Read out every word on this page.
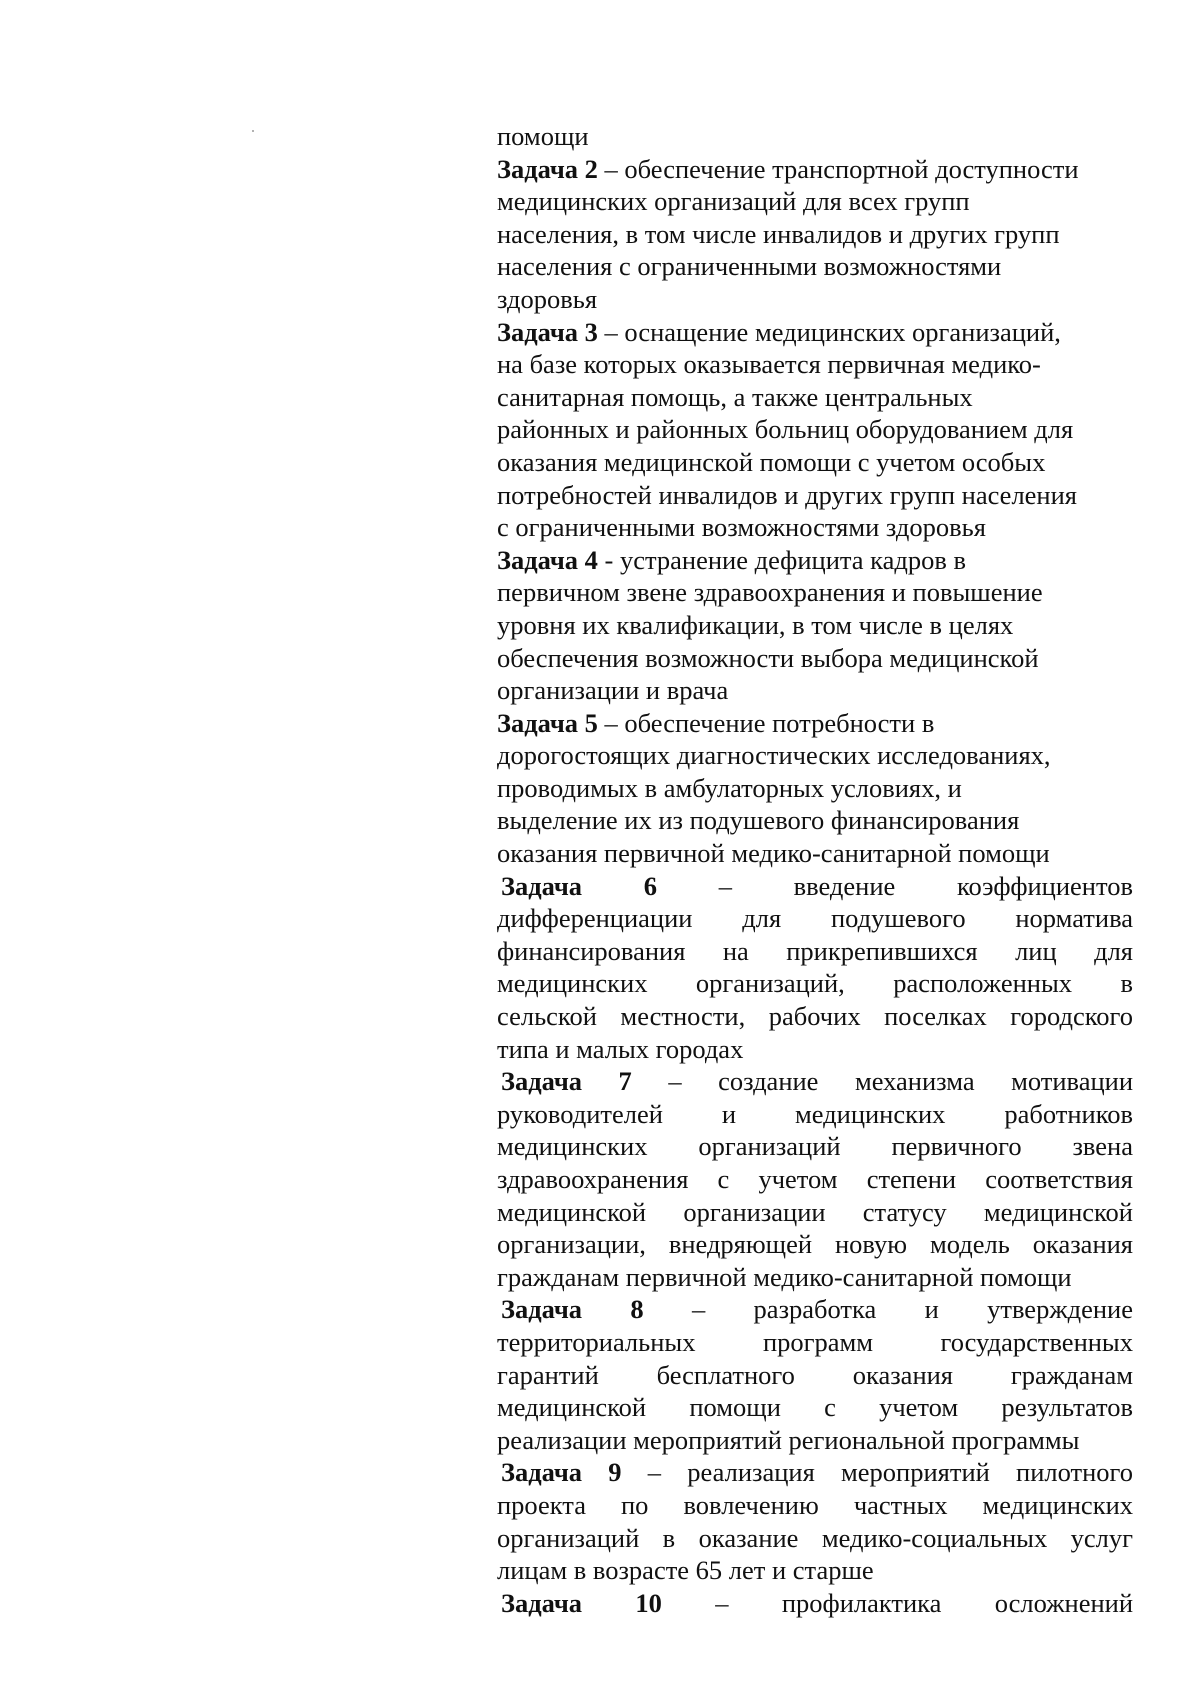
помощи
Задача 2 – обеспечение транспортной доступности
медицинских организаций для всех групп
населения, в том числе инвалидов и других групп
населения с ограниченными возможностями
здоровья
Задача 3 – оснащение медицинских организаций,
на базе которых оказывается первичная медико-
санитарная помощь, а также центральных
районных и районных больниц оборудованием для
оказания медицинской помощи с учетом особых
потребностей инвалидов и других групп населения
с ограниченными возможностями здоровья
Задача 4 - устранение дефицита кадров в
первичном звене здравоохранения и повышение
уровня их квалификации, в том числе в целях
обеспечения возможности выбора медицинской
организации и врача
Задача 5 – обеспечение потребности в
дорогостоящих диагностических исследованиях,
проводимых в амбулаторных условиях, и
выделение их из подушевого финансирования
оказания первичной медико-санитарной помощи
Задача 6 – введение коэффициентов
дифференциации для подушевого норматива
финансирования на прикрепившихся лиц для
медицинских организаций, расположенных в
сельской местности, рабочих поселках городского
типа и малых городах
Задача 7 – создание механизма мотивации
руководителей и медицинских работников
медицинских организаций первичного звена
здравоохранения с учетом степени соответствия
медицинской организации статусу медицинской
организации, внедряющей новую модель оказания
гражданам первичной медико-санитарной помощи
Задача 8 – разработка и утверждение
территориальных программ государственных
гарантий бесплатного оказания гражданам
медицинской помощи с учетом результатов
реализации мероприятий региональной программы
Задача 9 – реализация мероприятий пилотного
проекта по вовлечению частных медицинских
организаций в оказание медико-социальных услуг
лицам в возрасте 65 лет и старше
Задача 10 – профилактика осложнений
